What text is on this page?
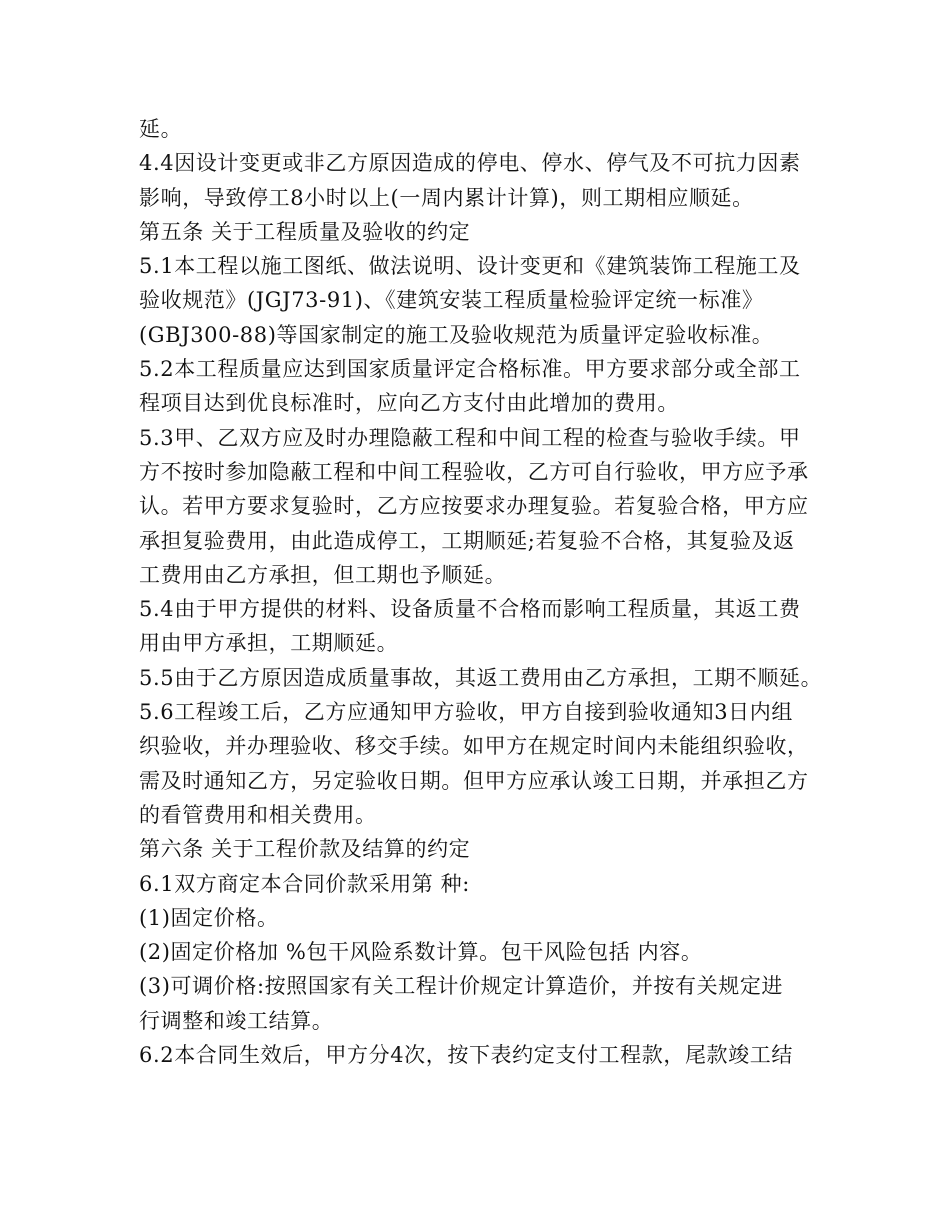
延。
4.4因设计变更或非乙方原因造成的停电、停水、停气及不可抗力因素
影响，导致停工8小时以上(一周内累计计算)，则工期相应顺延。
第五条 关于工程质量及验收的约定
5.1本工程以施工图纸、做法说明、设计变更和《建筑装饰工程施工及
验收规范》(JGJ73-91)、《建筑安装工程质量检验评定统一标准》
(GBJ300-88)等国家制定的施工及验收规范为质量评定验收标准。
5.2本工程质量应达到国家质量评定合格标准。甲方要求部分或全部工
程项目达到优良标准时，应向乙方支付由此增加的费用。
5.3甲、乙双方应及时办理隐蔽工程和中间工程的检查与验收手续。甲
方不按时参加隐蔽工程和中间工程验收，乙方可自行验收，甲方应予承
认。若甲方要求复验时，乙方应按要求办理复验。若复验合格，甲方应
承担复验费用，由此造成停工，工期顺延;若复验不合格，其复验及返
工费用由乙方承担，但工期也予顺延。
5.4由于甲方提供的材料、设备质量不合格而影响工程质量，其返工费
用由甲方承担，工期顺延。
5.5由于乙方原因造成质量事故，其返工费用由乙方承担，工期不顺延。
5.6工程竣工后，乙方应通知甲方验收，甲方自接到验收通知3日内组
织验收，并办理验收、移交手续。如甲方在规定时间内未能组织验收，
需及时通知乙方，另定验收日期。但甲方应承认竣工日期，并承担乙方
的看管费用和相关费用。
第六条 关于工程价款及结算的约定
6.1双方商定本合同价款采用第 种:
(1)固定价格。
(2)固定价格加 %包干风险系数计算。包干风险包括 内容。
(3)可调价格:按照国家有关工程计价规定计算造价，并按有关规定进
行调整和竣工结算。
6.2本合同生效后，甲方分4次，按下表约定支付工程款，尾款竣工结
